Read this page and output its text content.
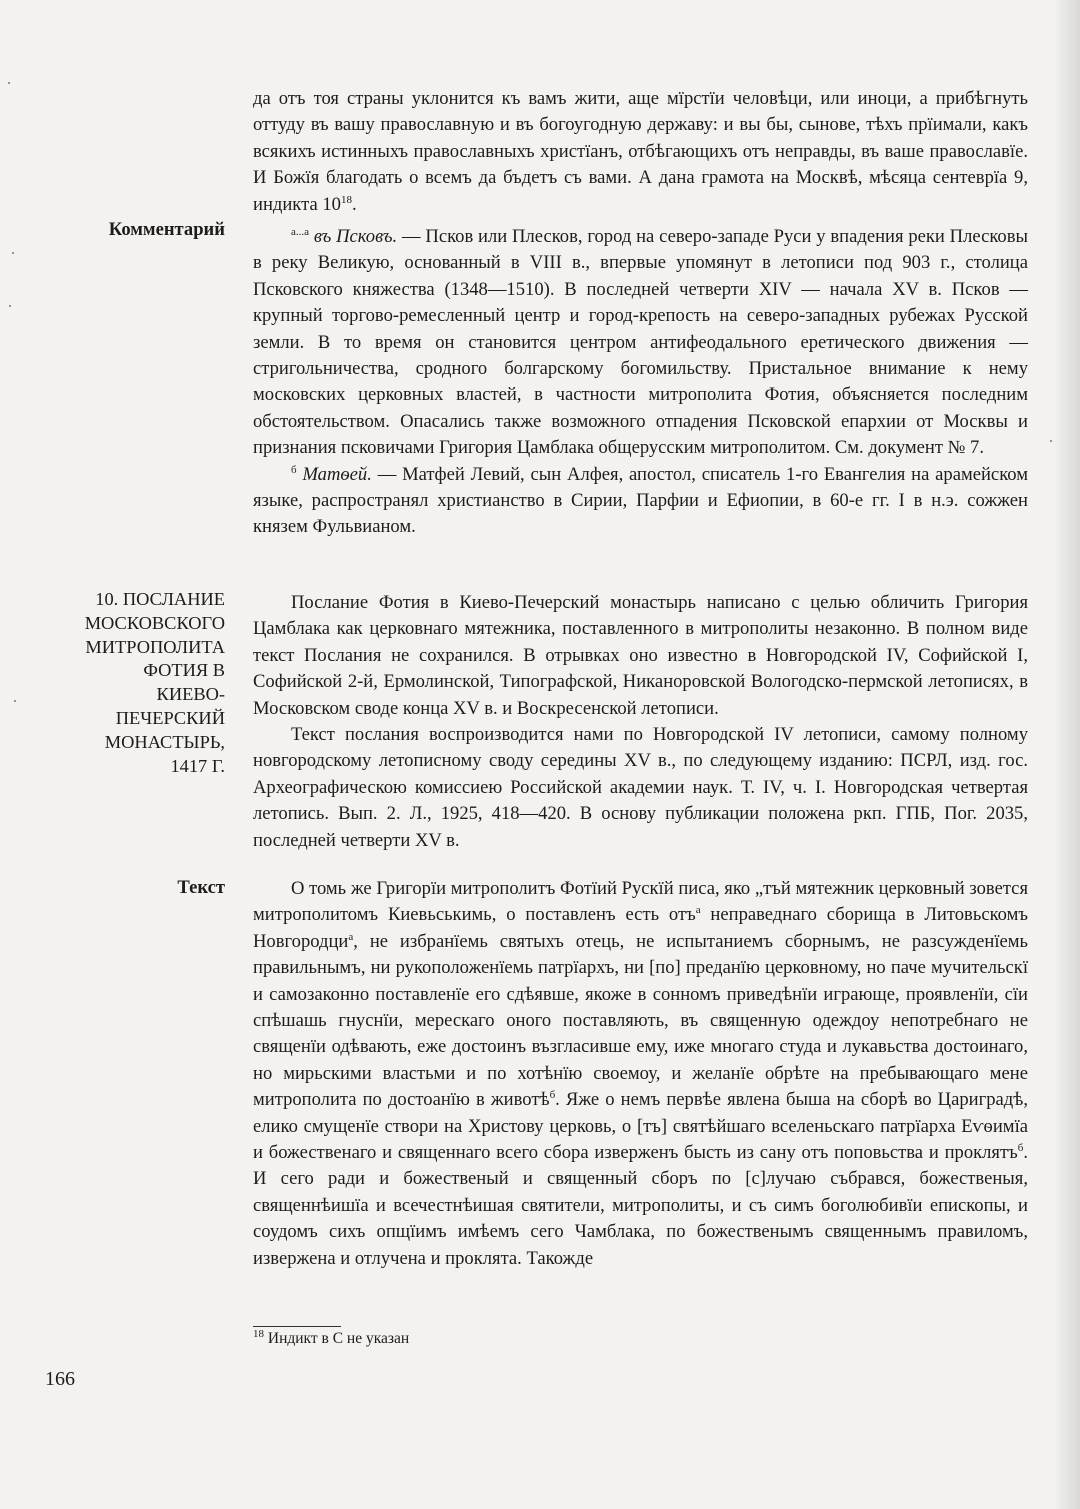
да отъ тоя страны уклонится къ вамъ жити, аще мїрстїи человѣци, или иноци, а прибѣгнуть оттуду въ вашу православную и въ богоугодную державу: и вы бы, сынове, тѣхъ прїимали, какъ всякихъ истинныхъ православныхъ христїанъ, отбѣгающихъ отъ неправды, въ ваше православїе. И Божїя благодать о всемъ да бъдетъ съ вами. А дана грамота на Москвѣ, мѣсяца сентеврїа 9, индикта $10^{18}$.

Комментарий	$^{а...а}$ въ Псковъ. — Псков или Плесков, город на северо-западе Руси у впадения реки Плесковы в реку Великую, основанный в VIII в., впервые упомянут в летописи под 903 г., столица Псковского княжества (1348—1510). В последней четверти XIV — начала XV в. Псков — крупный торгово-ремесленный центр и город-крепость на северо-западных рубежах Русской земли. В то время он становится центром антифеодального еретического движения — стригольничества, сродного болгарскому богомильству. Пристальное внимание к нему московских церковных властей, в частности митрополита Фотия, объясняется последним обстоятельством. Опасались также возможного отпадения Псковской епархии от Москвы и признания псковичами Григория Цамблака общерусским митрополитом. См. документ № 7.

$^б$ Матѳей. — Матфей Левий, сын Алфея, апостол, списатель 1-го Евангелия на арамейском языке, распространял христианство в Сирии, Парфии и Ефиопии, в 60-е гг. I в н.э. сожжен князем Фульвианом.

10. ПОСЛАНИЕ
МОСКОВСКОГО
МИТРОПОЛИТА
ФОТИЯ В
КИЕВО-
ПЕЧЕРСКИЙ
МОНАСТЫРЬ,
1417 Г.

Послание Фотия в Киево-Печерский монастырь написано с целью обличить Григория Цамблака как церковнаго мятежника, поставленного в митрополиты незаконно. В полном виде текст Послания не сохранился. В отрывках оно известно в Новгородской IV, Софийской I, Софийской 2-й, Ермолинской, Типографской, Никаноровской Вологодско-пермской летописях, в Московском своде конца XV в. и Воскресенской летописи.

Текст послания воспроизводится нами по Новгородской IV летописи, самому полному новгородскому летописному своду середины XV в., по следующему изданию: ПСРЛ, изд. гос. Археографическою комиссиею Российской академии наук. Т. IV, ч. I. Новгородская четвертая летопись. Вып. 2. Л., 1925, 418—420. В основу публикации положена ркп. ГПБ, Пог. 2035, последней четверти XV в.

Текст	О томь же Григорїи митрополитъ Фотїий Рускїй писа, яко „тъй мятежник церковный зовется митрополитомъ Киевьськимь, о поставленъ есть отъ$^а$ неправеднаго сборища в Литовьскомъ Новгородци$^а$, не избранїемь святыхъ отець, не испытаниемъ сборнымъ, не разсужденїемь правильнымъ, ни рукоположенїемь патрїархъ, ни [по] преданїю церковному, но паче мучительскї и самозаконно поставленїе его сдѣявше, якоже в сонномъ приведѣнїи играюще, проявленїи, сїи спѣшашь гнуснїи, мерескаго оного поставляють, въ священную одеждоу непотребнаго не священїи одѣвають, еже достоинъ възгласивше ему, иже многаго студа и лукавьства достоинаго, но мирьскими властьми и по хотѣнїю своемоу, и желанїе обрѣте на пребывающаго мене митрополита по достоанїю в животѣ$^б$. Яже о немъ первѣе явлена быша на сборѣ во Цариградѣ, елико смущенїе створи на Христову церковь, о [тъ] святѣйшаго вселеньскаго патрїарха Еѵѳимїа и божественаго и священнаго всего сбора изверженъ бысть из сану отъ поповьства и проклятъ$^б$. И сего ради и божественый и священный сборъ по [с]лучаю събрався, божественыя, священнѣишїа и всечестнѣишая святители, митрополиты, и съ симъ боголюбивїи епископы, и соудомъ сихъ опщїимъ имѣемъ сего Чамблака, по божественымъ священнымъ правиломъ, извержена и отлучена и проклята. Такожде

$^{18}$ Индикт в С не указан
166
